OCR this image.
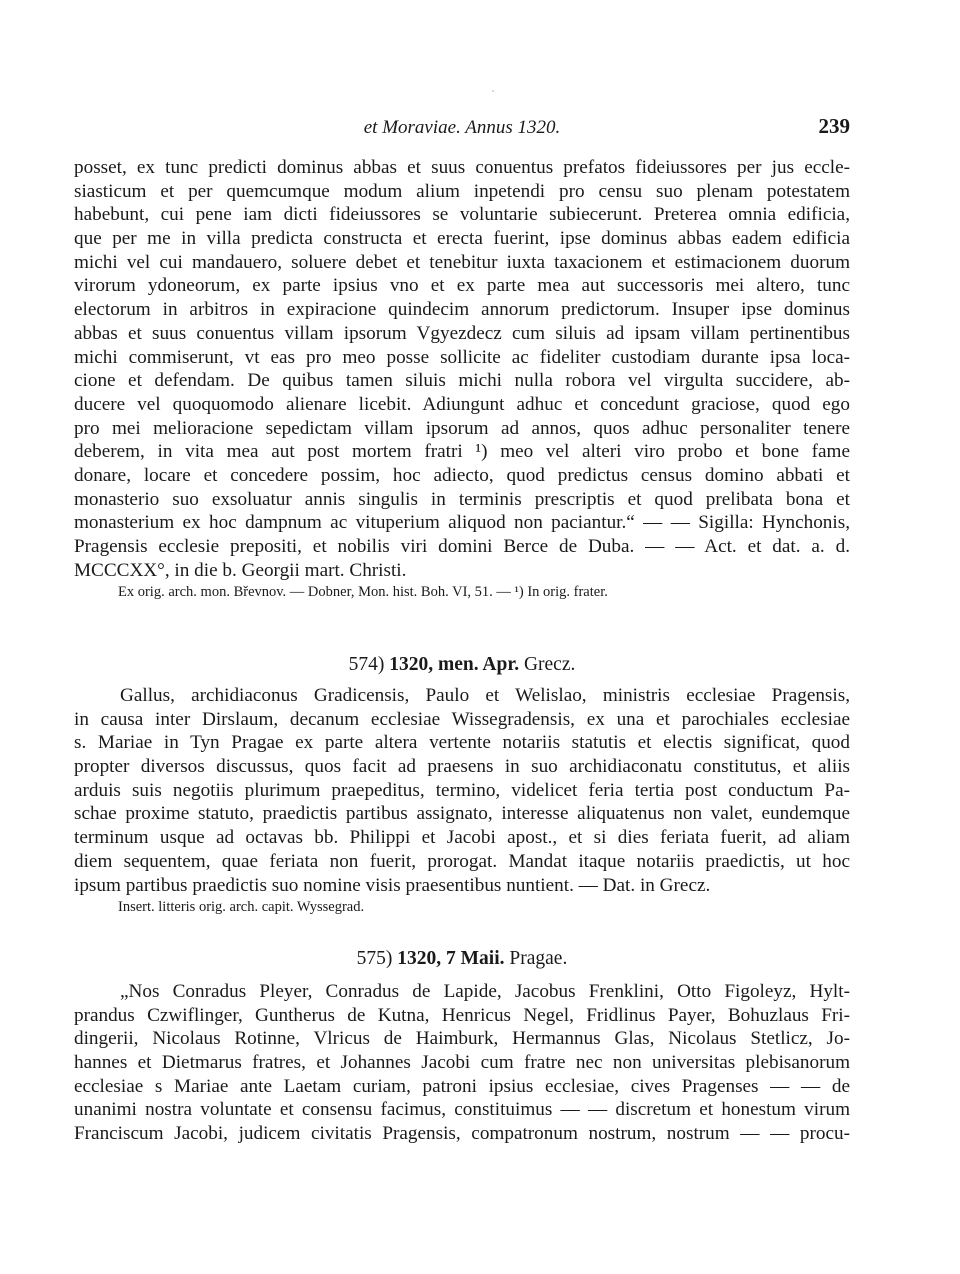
et Moraviae. Annus 1320.	239
posset, ex tunc predicti dominus abbas et suus conuentus prefatos fideiussores per jus eccle-
siasticum et per quemcumque modum alium inpetendi pro censu suo plenam potestatem
habebunt, cui pene iam dicti fideiussores se voluntarie subiecerunt. Preterea omnia edificia,
que per me in villa predicta constructa et erecta fuerint, ipse dominus abbas eadem edificia
michi vel cui mandauero, soluere debet et tenebitur iuxta taxacionem et estimacionem duorum
virorum ydoneorum, ex parte ipsius vno et ex parte mea aut successoris mei altero, tunc
electorum in arbitros in expiracione quindecim annorum predictorum. Insuper ipse dominus
abbas et suus conuentus villam ipsorum Vgyezdecz cum siluis ad ipsam villam pertinentibus
michi commiserunt, vt eas pro meo posse sollicite ac fideliter custodiam durante ipsa loca-
cione et defendam. De quibus tamen siluis michi nulla robora vel virgulta succidere, ab-
ducere vel quoquomodo alienare licebit. Adiungunt adhuc et concedunt graciose, quod ego
pro mei melioracione sepedictam villam ipsorum ad annos, quos adhuc personaliter tenere
deberem, in vita mea aut post mortem fratri ¹) meo vel alteri viro probo et bone fame
donare, locare et concedere possim, hoc adiecto, quod predictus census domino abbati et
monasterio suo exsoluatur annis singulis in terminis prescriptis et quod prelibata bona et
monasterium ex hoc dampnum ac vituperium aliquod non paciantur.“ — — Sigilla: Hynchonis,
Pragensis ecclesie prepositi, et nobilis viri domini Berce de Duba. — — Act. et dat. a. d.
MCCCXX°, in die b. Georgii mart. Christi.
Ex orig. arch. mon. Břevnov. — Dobner, Mon. hist. Boh. VI, 51. — ¹) In orig. frater.
574) 1320, men. Apr. Grecz.
Gallus, archidiaconus Gradicensis, Paulo et Welislao, ministris ecclesiae Pragensis,
in causa inter Dirslaum, decanum ecclesiae Wissegradensis, ex una et parochiales ecclesiae
s. Mariae in Tyn Pragae ex parte altera vertente notariis statutis et electis significat, quod
propter diversos discussus, quos facit ad praesens in suo archidiaconatu constitutus, et aliis
arduis suis negotiis plurimum praepeditus, termino, videlicet feria tertia post conductum Pa-
schae proxime statuto, praedictis partibus assignato, interesse aliquatenus non valet, eundemque
terminum usque ad octavas bb. Philippi et Jacobi apost., et si dies feriata fuerit, ad aliam
diem sequentem, quae feriata non fuerit, prorogat. Mandat itaque notariis praedictis, ut hoc
ipsum partibus praedictis suo nomine visis praesentibus nuntient. — Dat. in Grecz.
Insert. litteris orig. arch. capit. Wyssegrad.
575) 1320, 7 Maii. Pragae.
„Nos Conradus Pleyer, Conradus de Lapide, Jacobus Frenklini, Otto Figoleyz, Hylt-
prandus Czwiflinger, Guntherus de Kutna, Henricus Negel, Fridlinus Payer, Bohuzlaus Fri-
dingerii, Nicolaus Rotinne, Vlricus de Haimburk, Hermannus Glas, Nicolaus Stetlicz, Jo-
hannes et Dietmarus fratres, et Johannes Jacobi cum fratre nec non universitas plebisanorum
ecclesiae s Mariae ante Laetam curiam, patroni ipsius ecclesiae, cives Pragenses — — de
unanimi nostra voluntate et consensu facimus, constituimus — — discretum et honestum virum
Franciscum Jacobi, judicem civitatis Pragensis, compatronum nostrum, nostrum — — procu-
